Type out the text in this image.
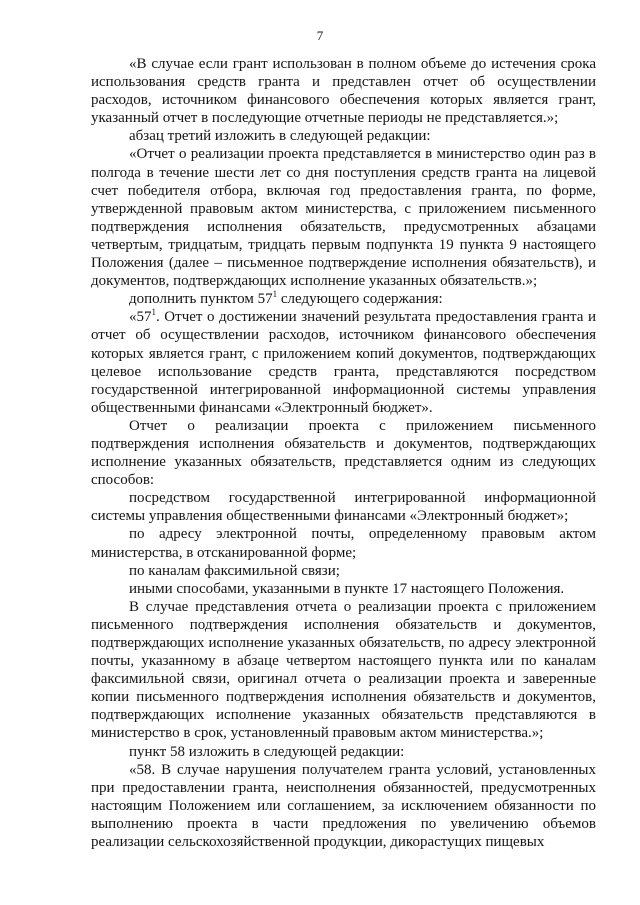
7

«В случае если грант использован в полном объеме до истечения срока использования средств гранта и представлен отчет об осуществлении расходов, источником финансового обеспечения которых является грант, указанный отчет в последующие отчетные периоды не представляется.»;

абзац третий изложить в следующей редакции:

«Отчет о реализации проекта представляется в министерство один раз в полгода в течение шести лет со дня поступления средств гранта на лицевой счет победителя отбора, включая год предоставления гранта, по форме, утвержденной правовым актом министерства, с приложением письменного подтверждения исполнения обязательств, предусмотренных абзацами четвертым, тридцатым, тридцать первым подпункта 19 пункта 9 настоящего Положения (далее – письменное подтверждение исполнения обязательств), и документов, подтверждающих исполнение указанных обязательств.»;

дополнить пунктом $57^1$ следующего содержания:

«$57^1$. Отчет о достижении значений результата предоставления гранта и отчет об осуществлении расходов, источником финансового обеспечения которых является грант, с приложением копий документов, подтверждающих целевое использование средств гранта, представляются посредством государственной интегрированной информационной системы управления общественными финансами «Электронный бюджет».

Отчет о реализации проекта с приложением письменного подтверждения исполнения обязательств и документов, подтверждающих исполнение указанных обязательств, представляется одним из следующих способов:

посредством государственной интегрированной информационной системы управления общественными финансами «Электронный бюджет»;

по адресу электронной почты, определенному правовым актом министерства, в отсканированной форме;

по каналам факсимильной связи;

иными способами, указанными в пункте 17 настоящего Положения.

В случае представления отчета о реализации проекта с приложением письменного подтверждения исполнения обязательств и документов, подтверждающих исполнение указанных обязательств, по адресу электронной почты, указанному в абзаце четвертом настоящего пункта или по каналам факсимильной связи, оригинал отчета о реализации проекта и заверенные копии письменного подтверждения исполнения обязательств и документов, подтверждающих исполнение указанных обязательств представляются в министерство в срок, установленный правовым актом министерства.»;

пункт 58 изложить в следующей редакции:

«58. В случае нарушения получателем гранта условий, установленных при предоставлении гранта, неисполнения обязанностей, предусмотренных настоящим Положением или соглашением, за исключением обязанности по выполнению проекта в части предложения по увеличению объемов реализации сельскохозяйственной продукции, дикорастущих пищевых
